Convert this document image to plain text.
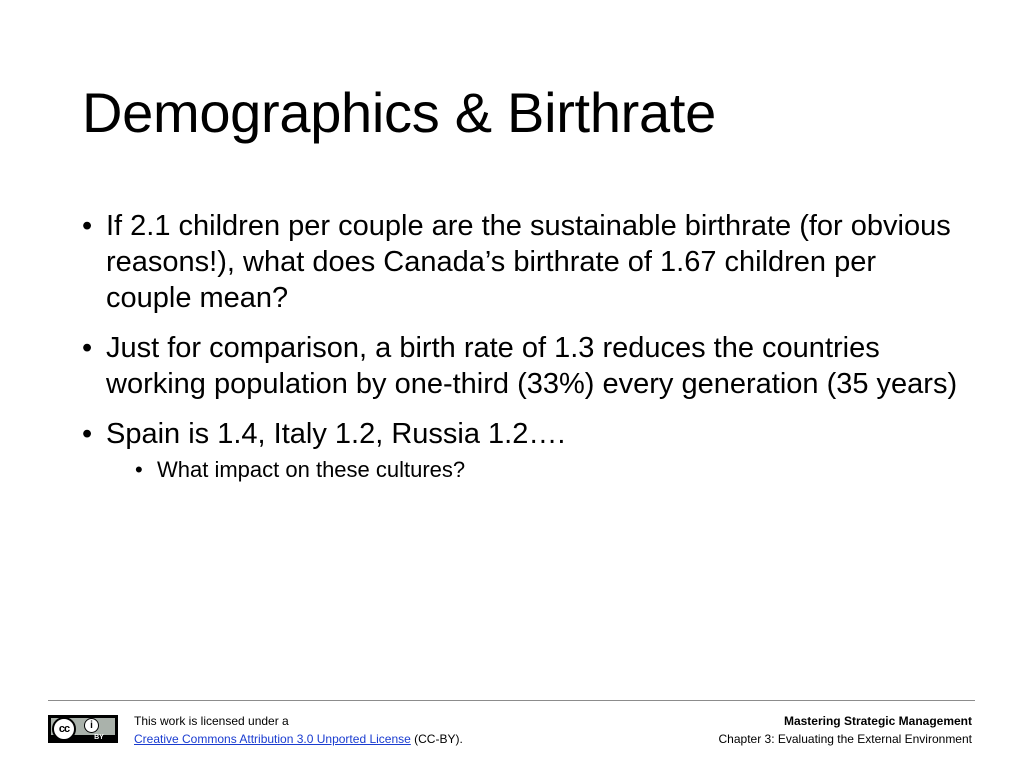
Demographics & Birthrate
• If 2.1 children per couple are the sustainable birthrate (for obvious reasons!), what does Canada’s birthrate of 1.67 children per couple mean?
• Just for comparison, a birth rate of 1.3 reduces the countries working population by one-third (33%) every generation (35 years)
• Spain is 1.4, Italy 1.2, Russia 1.2….
• What impact on these cultures?
cc	i
BY
This work is licensed under a
Creative Commons Attribution 3.0 Unported License (CC-BY).
Mastering Strategic Management
Chapter 3: Evaluating the External Environment
